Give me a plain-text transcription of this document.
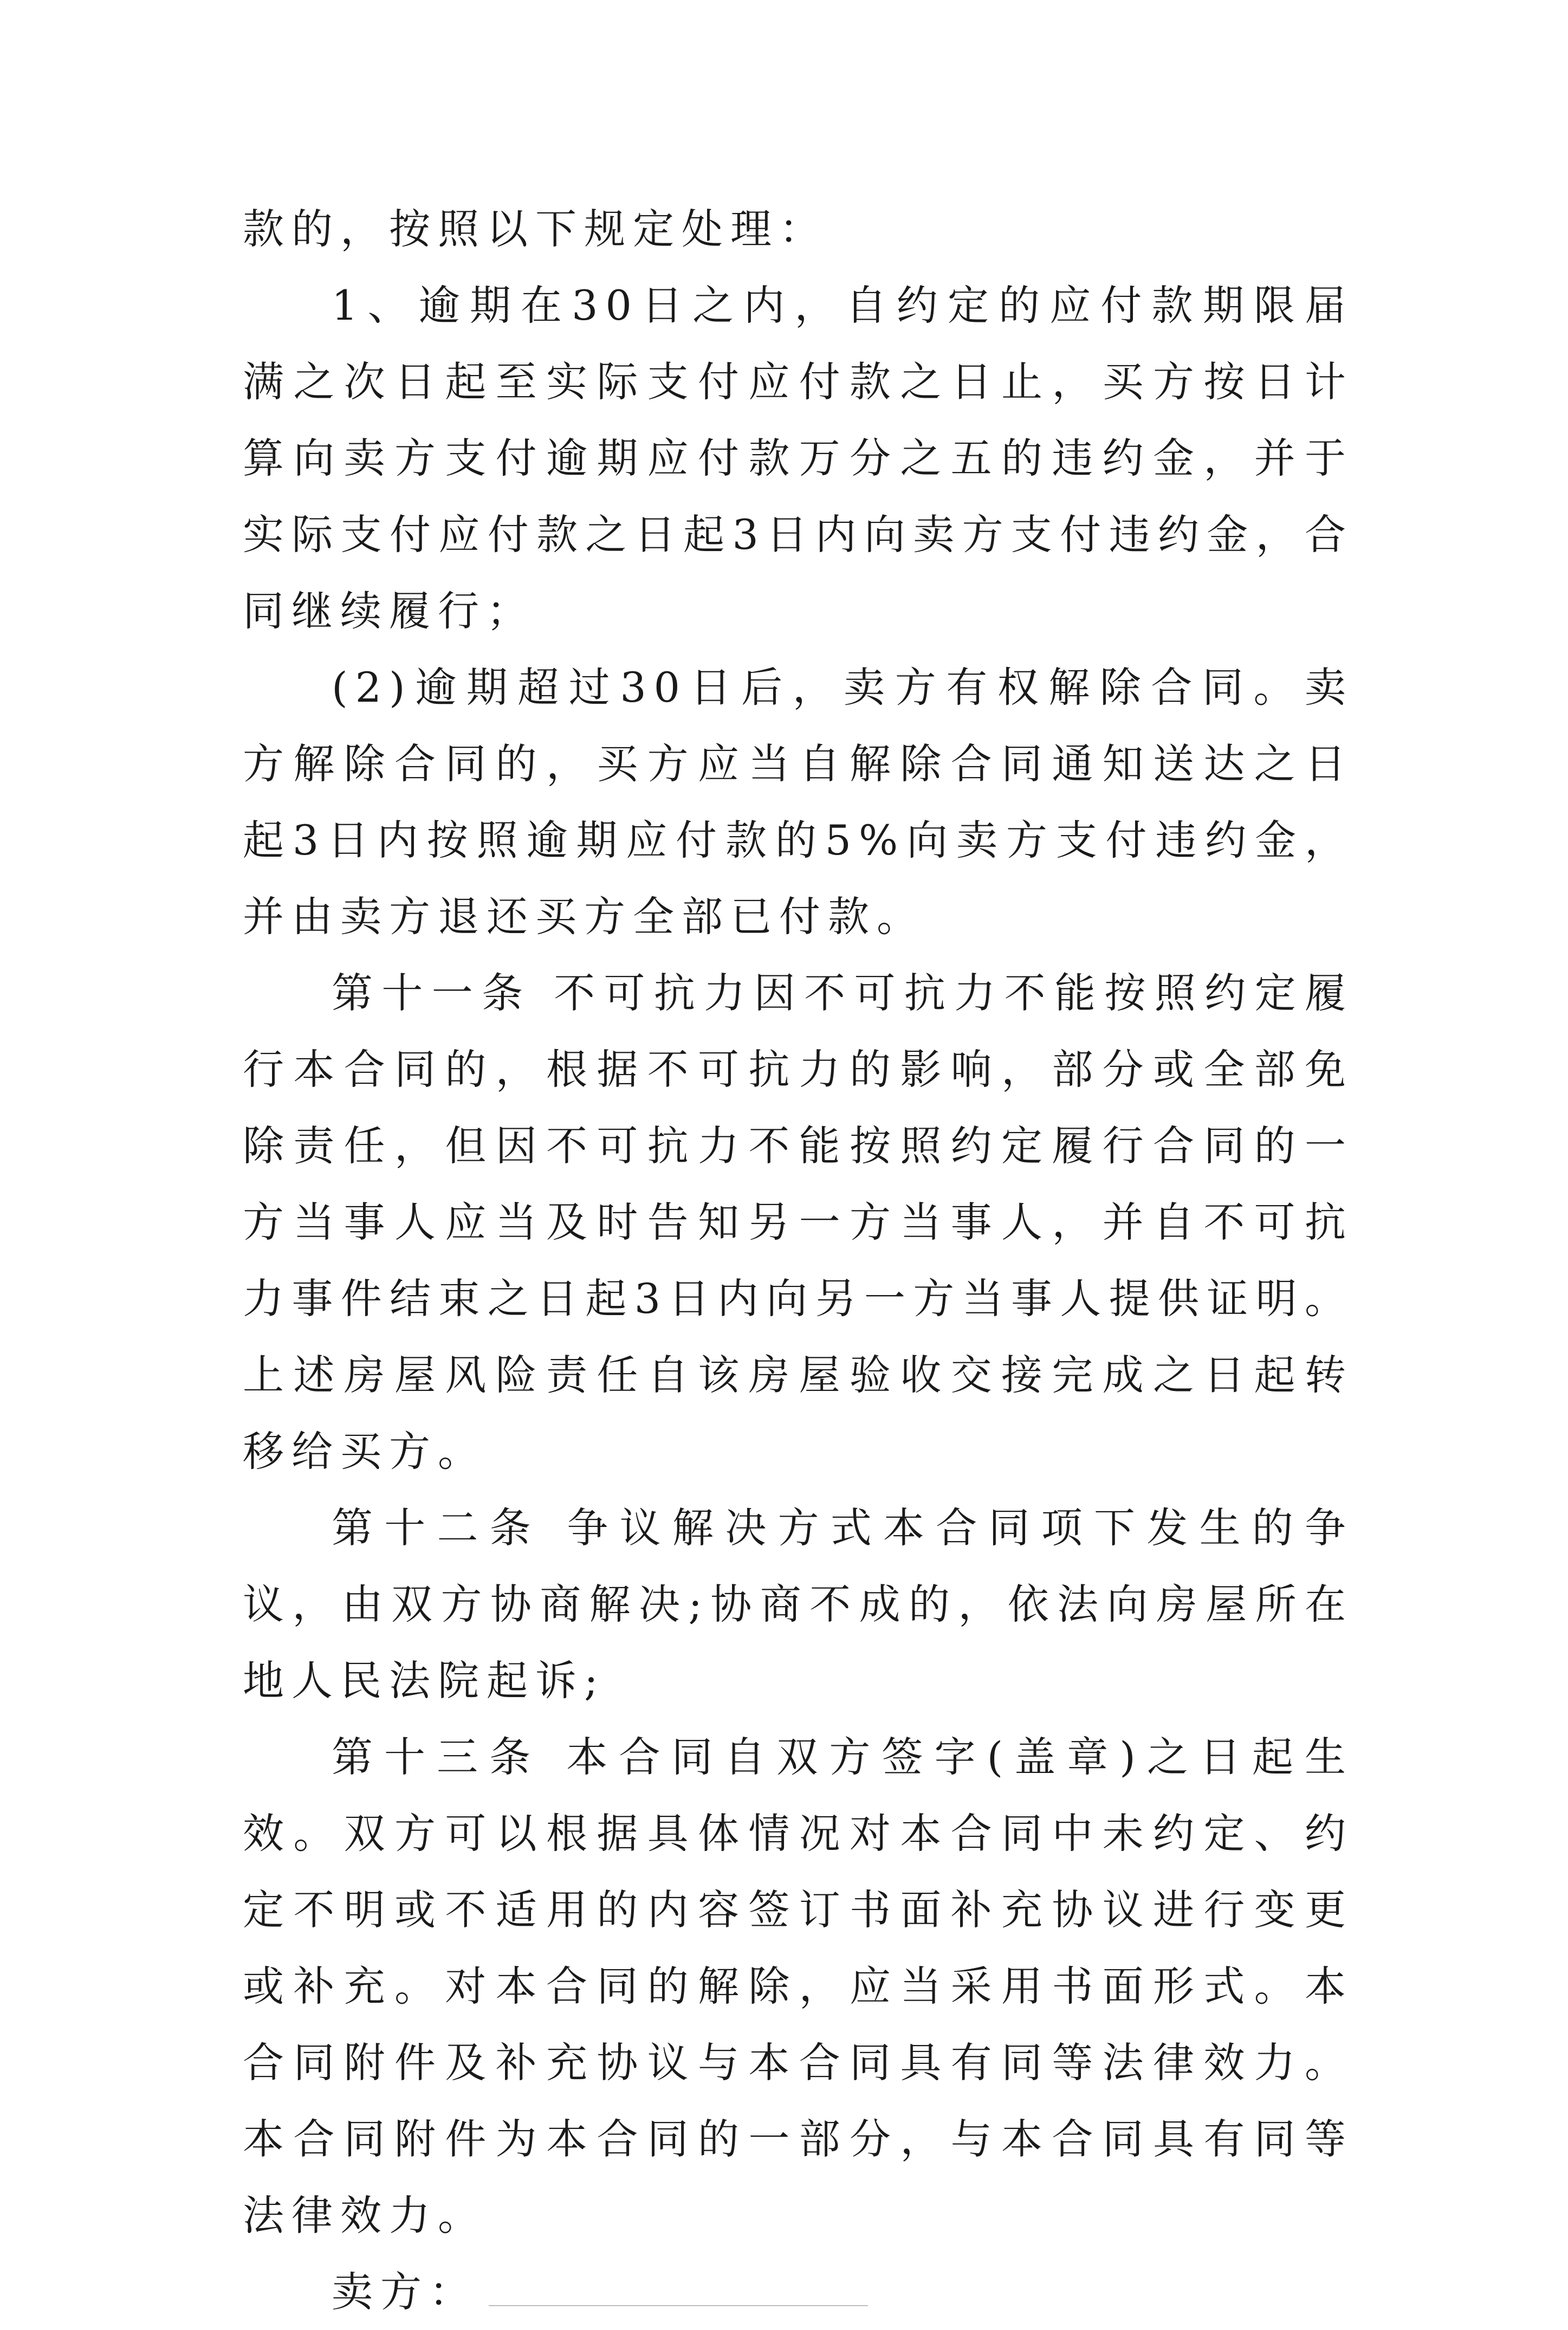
款的，按照以下规定处理：

1、逾期在30日之内，自约定的应付款期限届满之次日起至实际支付应付款之日止，买方按日计算向卖方支付逾期应付款万分之五的违约金，并于实际支付应付款之日起3日内向卖方支付违约金，合同继续履行；

(2)逾期超过30日后，卖方有权解除合同。卖方解除合同的，买方应当自解除合同通知送达之日起3日内按照逾期应付款的5%向卖方支付违约金，并由卖方退还买方全部已付款。

第十一条 不可抗力因不可抗力不能按照约定履行本合同的，根据不可抗力的影响，部分或全部免除责任，但因不可抗力不能按照约定履行合同的一方当事人应当及时告知另一方当事人，并自不可抗力事件结束之日起3日内向另一方当事人提供证明。上述房屋风险责任自该房屋验收交接完成之日起转移给买方。

第十二条 争议解决方式本合同项下发生的争议，由双方协商解决;协商不成的，依法向房屋所在地人民法院起诉;

第十三条 本合同自双方签字(盖章)之日起生效。双方可以根据具体情况对本合同中未约定、约定不明或不适用的内容签订书面补充协议进行变更或补充。对本合同的解除，应当采用书面形式。本合同附件及补充协议与本合同具有同等法律效力。本合同附件为本合同的一部分，与本合同具有同等法律效力。

卖方：
